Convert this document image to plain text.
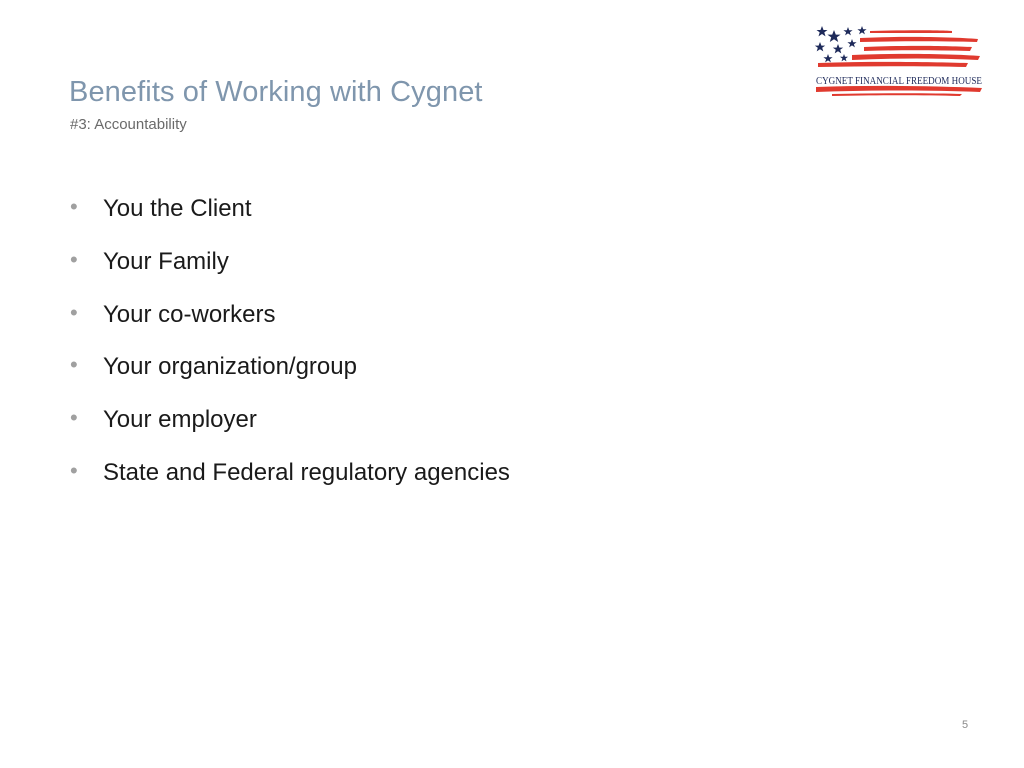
Benefits of Working with Cygnet

#3: Accountability

CYGNET FINANCIAL FREEDOM HOUSE
•	You the Client
•	Your Family
•	Your co-workers
•	Your organization/group
•	Your employer
•	State and Federal regulatory agencies
5
